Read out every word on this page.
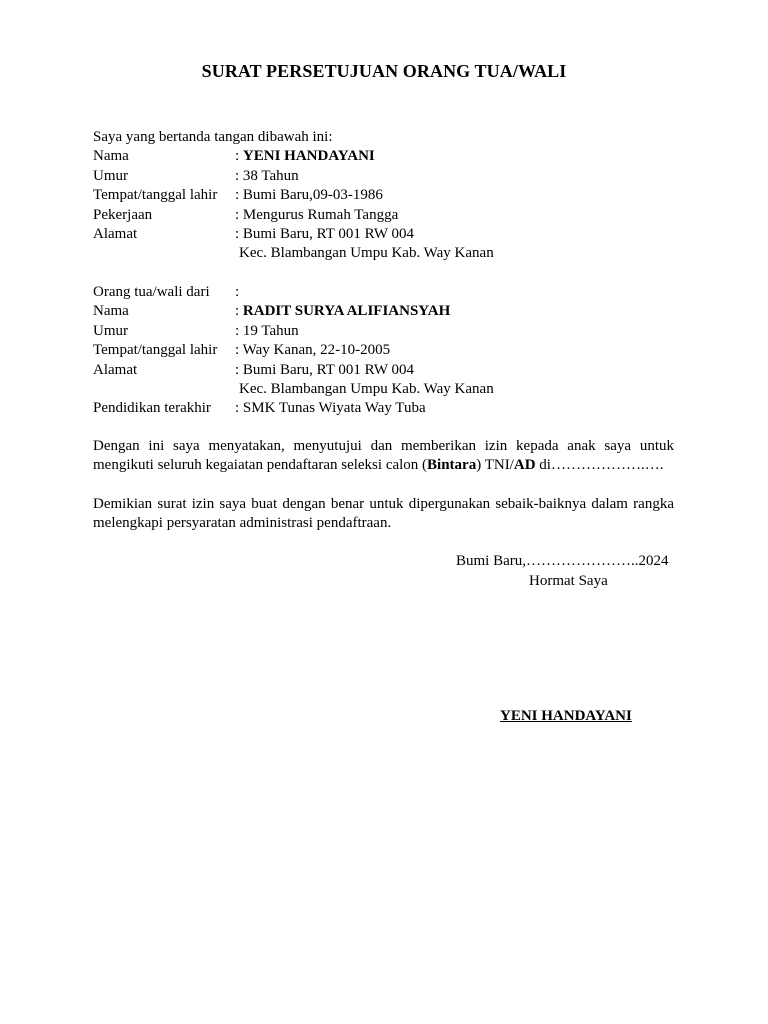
SURAT PERSETUJUAN ORANG TUA/WALI
Saya yang bertanda tangan dibawah ini:
Nama	: YENI HANDAYANI
Umur	: 38 Tahun
Tempat/tanggal lahir : Bumi Baru,09-03-1986
Pekerjaan	: Mengurus Rumah Tangga
Alamat	: Bumi Baru, RT 001 RW 004
Kec. Blambangan Umpu Kab. Way Kanan
Orang tua/wali dari :
Nama	: RADIT SURYA ALIFIANSYAH
Umur	: 19 Tahun
Tempat/tanggal lahir : Way Kanan, 22-10-2005
Alamat	: Bumi Baru, RT 001 RW 004
Kec. Blambangan Umpu Kab. Way Kanan
Pendidikan terakhir : SMK Tunas Wiyata Way Tuba
Dengan ini saya menyatakan, menyutujui dan memberikan izin kepada anak saya untuk mengikuti seluruh kegaiatan pendaftaran seleksi calon (Bintara) TNI/AD di……………….….
Demikian surat izin saya buat dengan benar untuk dipergunakan sebaik-baiknya dalam rangka melengkapi persyaratan administrasi pendaftraan.
Bumi Baru,…………………..2024
Hormat Saya
YENI HANDAYANI
